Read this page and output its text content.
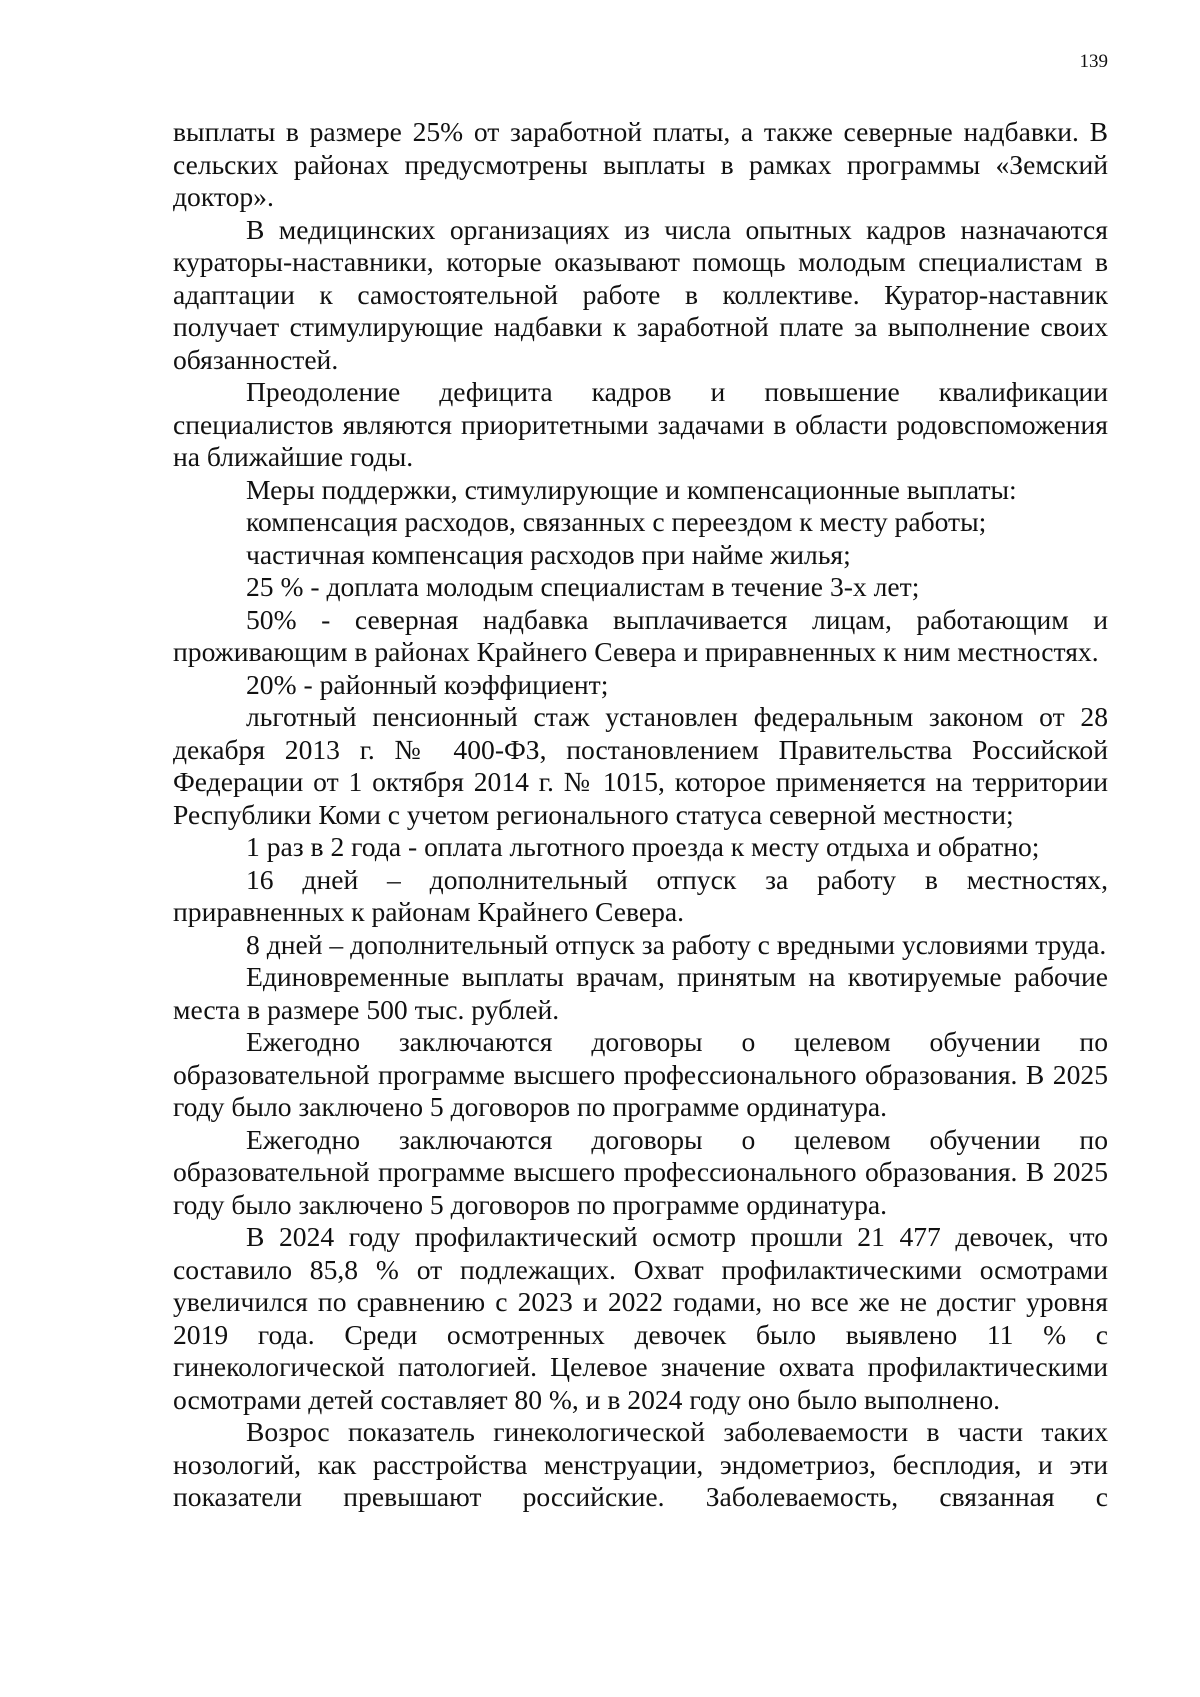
139

выплаты в размере 25% от заработной платы, а также северные надбавки. В сельских районах предусмотрены выплаты в рамках программы «Земский доктор».

В медицинских организациях из числа опытных кадров назначаются кураторы-наставники, которые оказывают помощь молодым специалистам в адаптации к самостоятельной работе в коллективе. Куратор-наставник получает стимулирующие надбавки к заработной плате за выполнение своих обязанностей.

Преодоление дефицита кадров и повышение квалификации специалистов являются приоритетными задачами в области родовспоможения на ближайшие годы.

Меры поддержки, стимулирующие и компенсационные выплаты:

компенсация расходов, связанных с переездом к месту работы;

частичная компенсация расходов при найме жилья;

25 % - доплата молодым специалистам в течение 3-х лет;

50% - северная надбавка выплачивается лицам, работающим и проживающим в районах Крайнего Севера и приравненных к ним местностях.

20% - районный коэффициент;

льготный пенсионный стаж установлен федеральным законом от 28 декабря 2013 г. № 400-ФЗ, постановлением Правительства Российской Федерации от 1 октября 2014 г. № 1015, которое применяется на территории Республики Коми с учетом регионального статуса северной местности;

1 раз в 2 года - оплата льготного проезда к месту отдыха и обратно;

16 дней – дополнительный отпуск за работу в местностях, приравненных к районам Крайнего Севера.

8 дней – дополнительный отпуск за работу с вредными условиями труда.

Единовременные выплаты врачам, принятым на квотируемые рабочие места в размере 500 тыс. рублей.

Ежегодно заключаются договоры о целевом обучении по образовательной программе высшего профессионального образования. В 2025 году было заключено 5 договоров по программе ординатура.

Ежегодно заключаются договоры о целевом обучении по образовательной программе высшего профессионального образования. В 2025 году было заключено 5 договоров по программе ординатура.

В 2024 году профилактический осмотр прошли 21 477 девочек, что составило 85,8 % от подлежащих. Охват профилактическими осмотрами увеличился по сравнению с 2023 и 2022 годами, но все же не достиг уровня 2019 года. Среди осмотренных девочек было выявлено 11 % с гинекологической патологией. Целевое значение охвата профилактическими осмотрами детей составляет 80 %, и в 2024 году оно было выполнено.

Возрос показатель гинекологической заболеваемости в части таких нозологий, как расстройства менструации, эндометриоз, бесплодия, и эти показатели превышают российские. Заболеваемость, связанная с
